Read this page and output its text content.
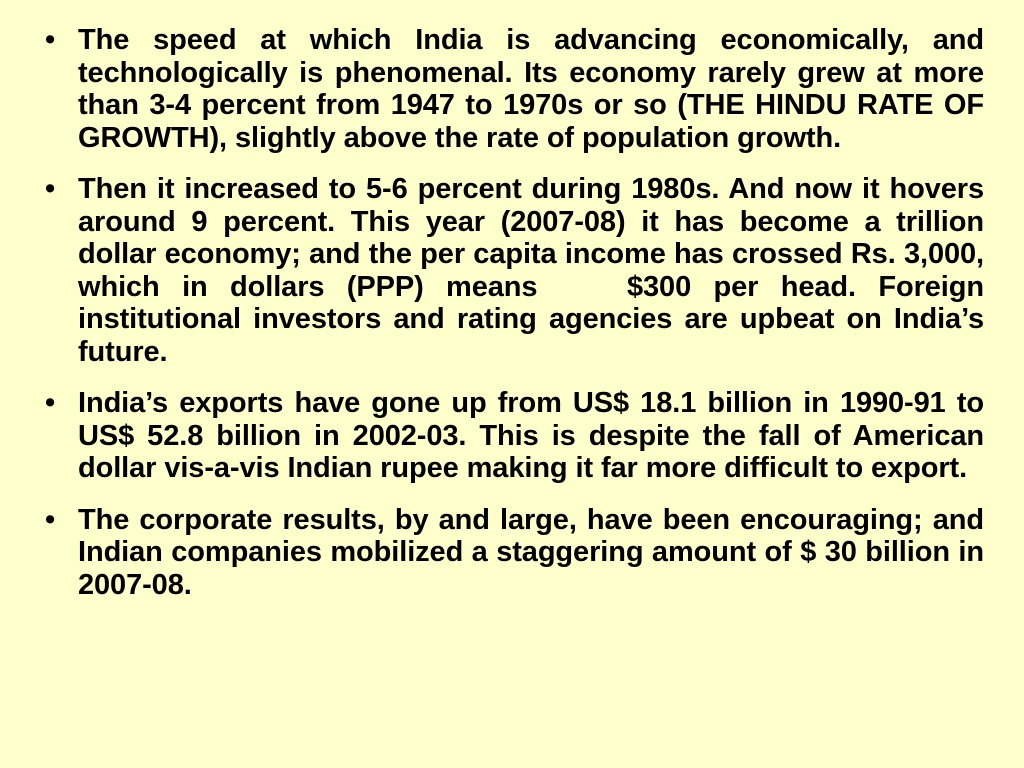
• The speed at which India is advancing economically, and technologically is phenomenal. Its economy rarely grew at more than 3-4 percent from 1947 to 1970s or so (THE HINDU RATE OF GROWTH), slightly above the rate of population growth.
• Then it increased to 5-6 percent during 1980s. And now it hovers around 9 percent. This year (2007-08) it has become a trillion dollar economy; and the per capita income has crossed Rs. 3,000, which in dollars (PPP) means    $300 per head. Foreign institutional investors and rating agencies are upbeat on India’s future.
• India’s exports have gone up from US$ 18.1 billion in 1990-91 to US$ 52.8 billion in 2002-03. This is despite the fall of American dollar vis-a-vis Indian rupee making it far more difficult to export.
• The corporate results, by and large, have been encouraging; and Indian companies mobilized a staggering amount of $ 30 billion in 2007-08.
